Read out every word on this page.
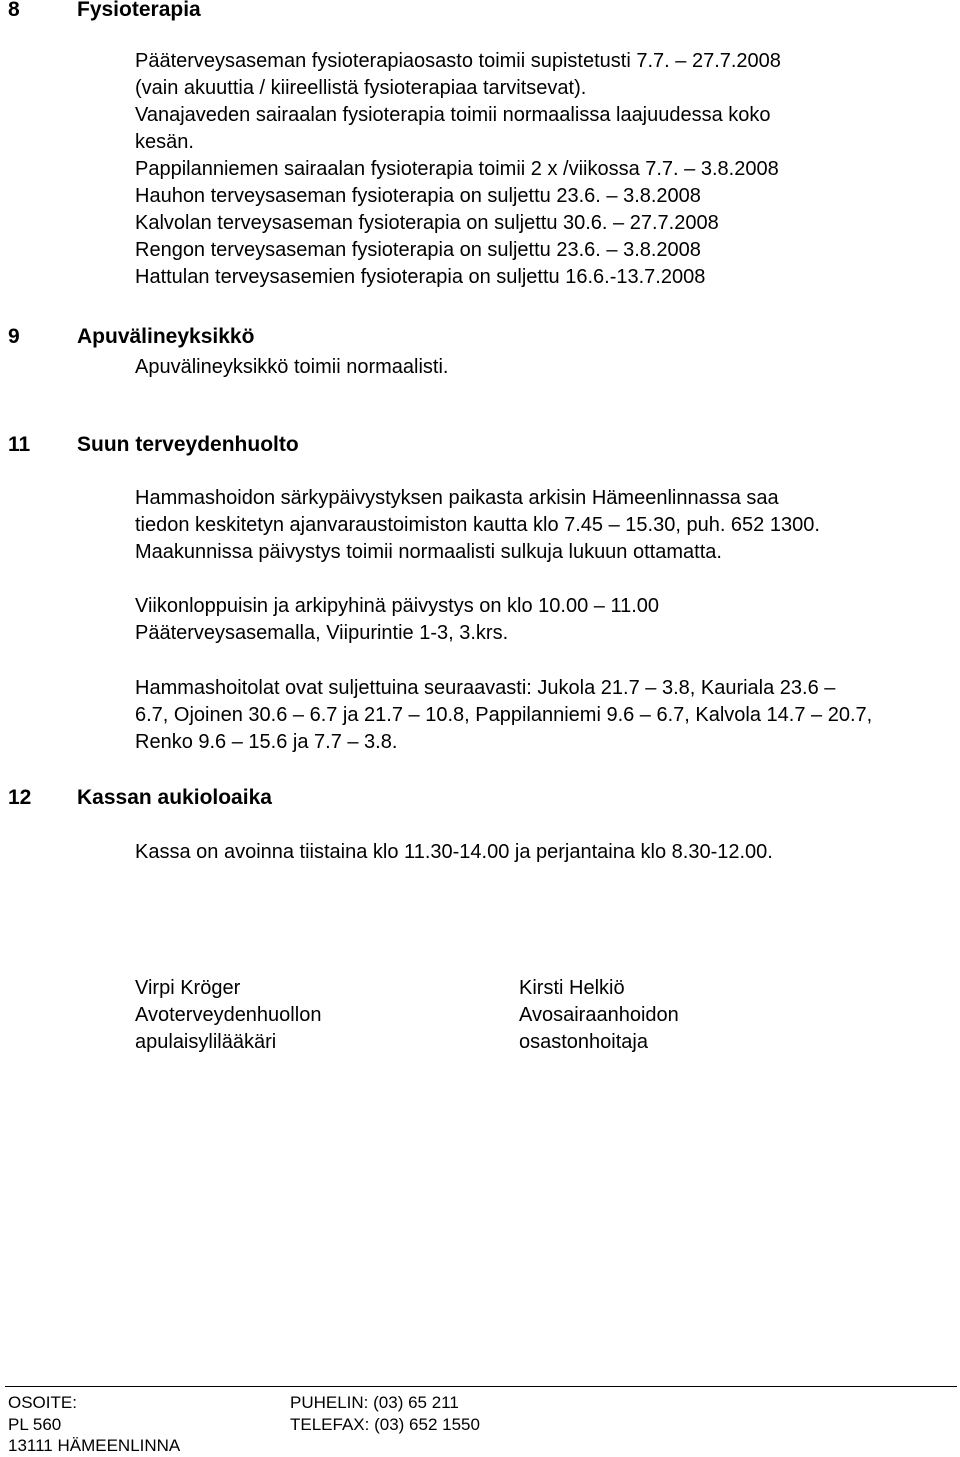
8	Fysioterapia
Pääterveysaseman fysioterapiaosasto toimii supistetusti 7.7. – 27.7.2008
(vain akuuttia / kiireellistä fysioterapiaa tarvitsevat).
Vanajaveden sairaalan fysioterapia toimii normaalissa laajuudessa koko
kesän.
Pappilanniemen sairaalan fysioterapia toimii 2 x /viikossa 7.7. – 3.8.2008
Hauhon terveysaseman fysioterapia on suljettu 23.6. – 3.8.2008
Kalvolan terveysaseman fysioterapia on suljettu 30.6. – 27.7.2008
Rengon terveysaseman fysioterapia on suljettu 23.6. – 3.8.2008
Hattulan terveysasemien fysioterapia on suljettu 16.6.-13.7.2008
9	Apuvälineyksikkö
Apuvälineyksikkö toimii normaalisti.
11 Suun terveydenhuolto
Hammashoidon särkypäivystyksen paikasta arkisin Hämeenlinnassa saa
tiedon keskitetyn ajanvaraustoimiston kautta klo 7.45 – 15.30, puh. 652 1300.
Maakunnissa päivystys toimii normaalisti sulkuja lukuun ottamatta.
Viikonloppuisin ja arkipyhinä päivystys on klo 10.00 – 11.00
Pääterveysasemalla, Viipurintie 1-3, 3.krs.
Hammashoitolat ovat suljettuina seuraavasti: Jukola 21.7 – 3.8, Kauriala 23.6 –
6.7, Ojoinen 30.6 – 6.7 ja 21.7 – 10.8, Pappilanniemi 9.6 – 6.7, Kalvola 14.7 – 20.7,
Renko 9.6 – 15.6 ja 7.7 – 3.8.
12 Kassan aukioloaika
Kassa on avoinna tiistaina klo 11.30-14.00 ja perjantaina klo 8.30-12.00.
Virpi Kröger
Avoterveydenhuollon
apulaisylilääkäri
Kirsti Helkiö
Avosairaanhoidon
osastonhoitaja
OSOITE:
PL 560
13111 HÄMEENLINNA
PUHELIN: (03) 65 211
TELEFAX: (03) 652 1550
